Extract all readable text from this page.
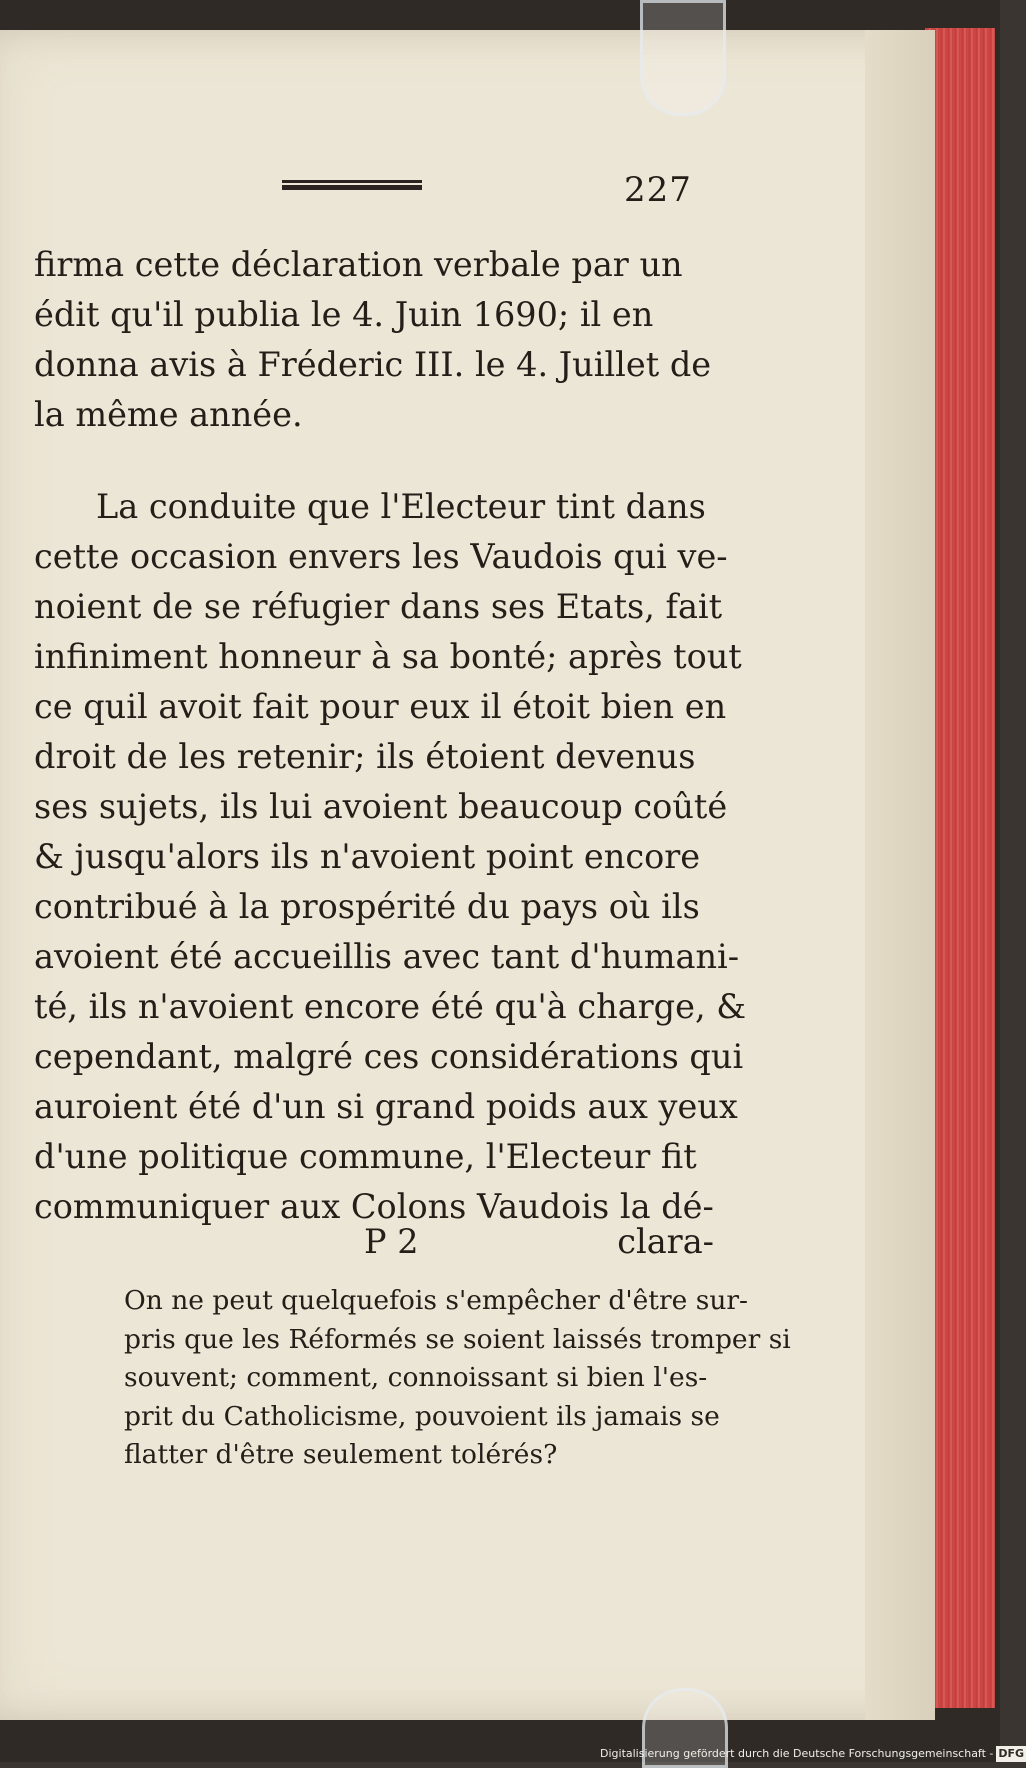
227
firma cette déclaration verbale par un
édit qu'il publia le 4. Juin 1690; il en
donna avis à Fréderic III. le 4. Juillet de
la même année.
La conduite que l'Electeur tint dans
cette occasion envers les Vaudois qui ve-
noient de se réfugier dans ses Etats, fait
infiniment honneur à sa bonté; après tout
ce quil avoit fait pour eux il étoit bien en
droit de les retenir; ils étoient devenus
ses sujets, ils lui avoient beaucoup coûté
& jusqu'alors ils n'avoient point encore
contribué à la prospérité du pays où ils
avoient été accueillis avec tant d'humani-
té, ils n'avoient encore été qu'à charge, &
cependant, malgré ces considérations qui
auroient été d'un si grand poids aux yeux
d'une politique commune, l'Electeur fit
communiquer aux Colons Vaudois la dé-
P 2	clara-
On ne peut quelquefois s'empêcher d'être sur-
pris que les Réformés se soient laissés tromper si
souvent; comment, connoissant si bien l'es-
prit du Catholicisme, pouvoient ils jamais se
flatter d'être seulement tolérés?
Digitalisierung gefördert durch die Deutsche Forschungsgemeinschaft - DFG
